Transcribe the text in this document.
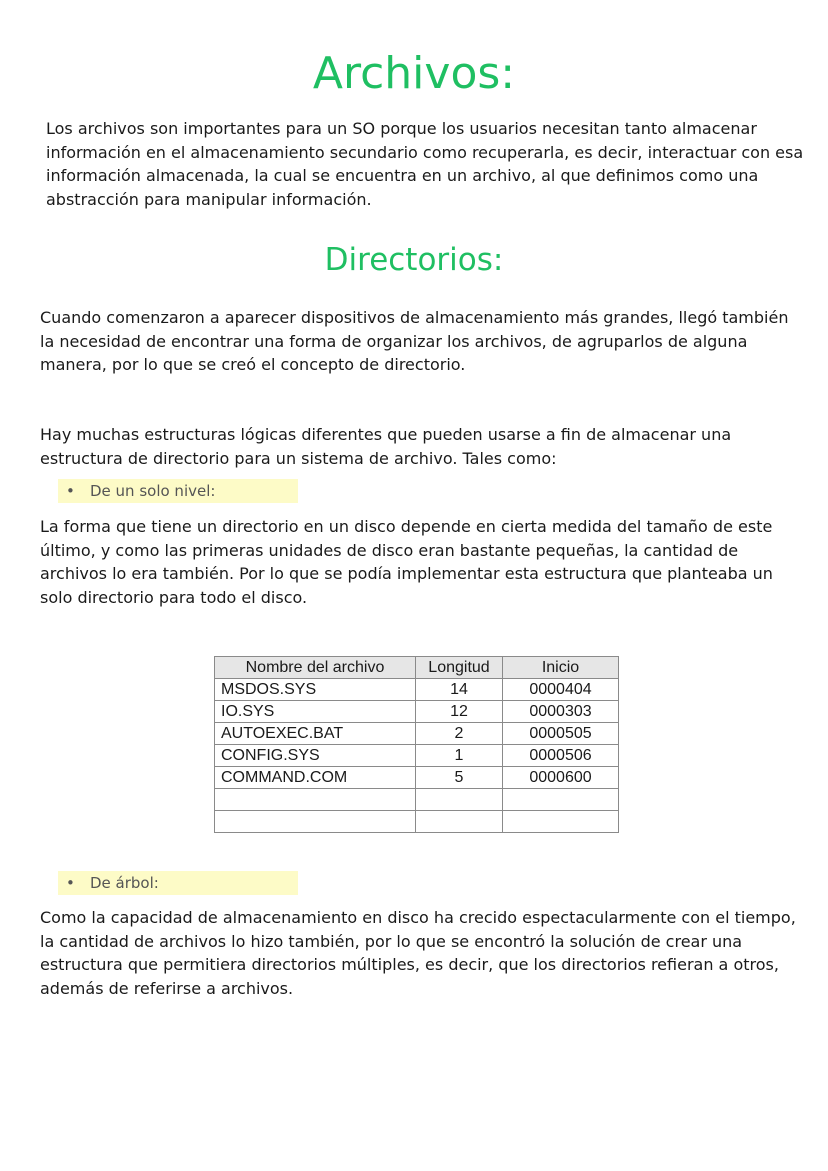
Archivos:

Los archivos son importantes para un SO porque los usuarios necesitan tanto almacenar información en el almacenamiento secundario como recuperarla, es decir, interactuar con esa información almacenada, la cual se encuentra en un archivo, al que definimos como una abstracción para manipular información.

Directorios:

Cuando comenzaron a aparecer dispositivos de almacenamiento más grandes, llegó también la necesidad de encontrar una forma de organizar los archivos, de agruparlos de alguna manera, por lo que se creó el concepto de directorio.

Hay muchas estructuras lógicas diferentes que pueden usarse a fin de almacenar una estructura de directorio para un sistema de archivo. Tales como:

• De un solo nivel:

La forma que tiene un directorio en un disco depende en cierta medida del tamaño de este último, y como las primeras unidades de disco eran bastante pequeñas, la cantidad de archivos lo era también. Por lo que se podía implementar esta estructura que planteaba un solo directorio para todo el disco.

Nombre del archivo	Longitud	Inicio
MSDOS.SYS	14	0000404
IO.SYS	12	0000303
AUTOEXEC.BAT	2	0000505
CONFIG.SYS	1	0000506
COMMAND.COM	5	0000600

• De árbol:

Como la capacidad de almacenamiento en disco ha crecido espectacularmente con el tiempo, la cantidad de archivos lo hizo también, por lo que se encontró la solución de crear una estructura que permitiera directorios múltiples, es decir, que los directorios refieran a otros, además de referirse a archivos.
